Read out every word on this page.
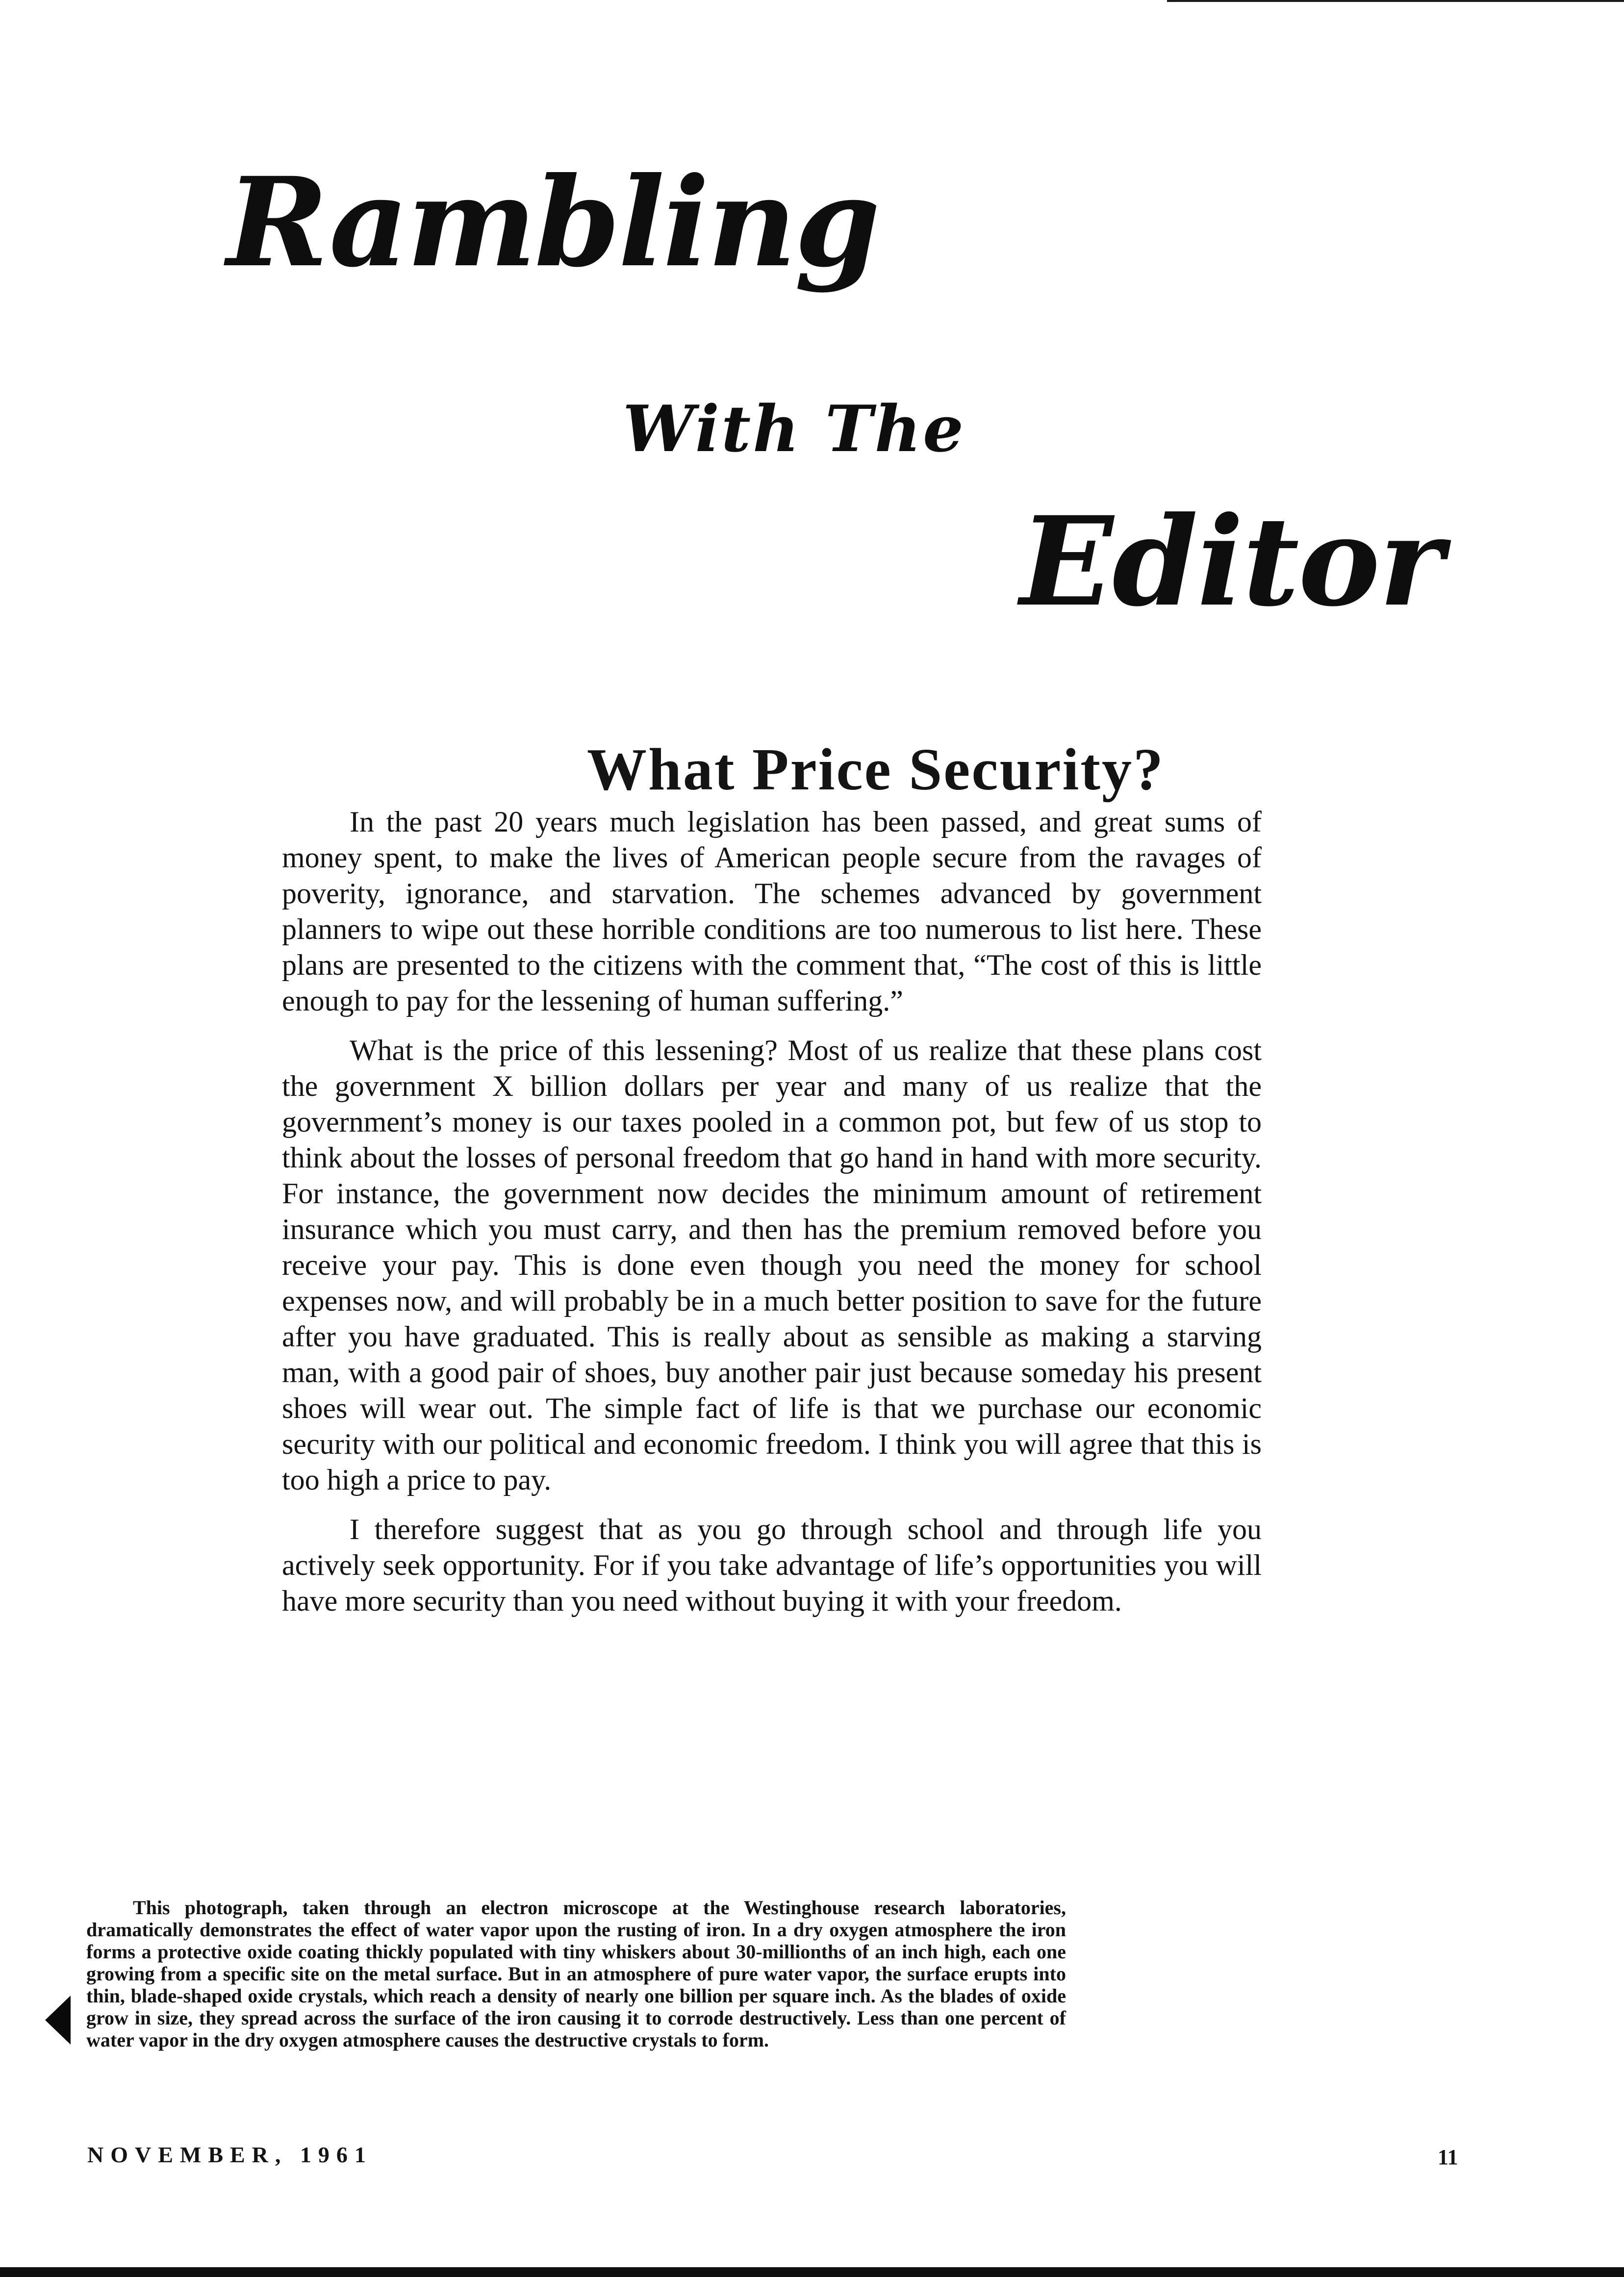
Rambling
With The
Editor
What Price Security?

In the past 20 years much legislation has been passed, and great sums of money spent, to make the lives of American people secure from the ravages of poverity, ignorance, and starvation. The schemes advanced by government planners to wipe out these horrible conditions are too numerous to list here. These plans are presented to the citizens with the comment that, “The cost of this is little enough to pay for the lessening of human suffering.”

What is the price of this lessening? Most of us realize that these plans cost the government X billion dollars per year and many of us realize that the government’s money is our taxes pooled in a common pot, but few of us stop to think about the losses of personal freedom that go hand in hand with more security. For instance, the government now decides the minimum amount of retirement insurance which you must carry, and then has the premium removed before you receive your pay. This is done even though you need the money for school expenses now, and will probably be in a much better position to save for the future after you have graduated. This is really about as sensible as making a starving man, with a good pair of shoes, buy another pair just because someday his present shoes will wear out. The simple fact of life is that we purchase our economic security with our political and economic freedom. I think you will agree that this is too high a price to pay.

I therefore suggest that as you go through school and through life you actively seek opportunity. For if you take advantage of life’s opportunities you will have more security than you need without buying it with your freedom.

This photograph, taken through an electron microscope at the Westinghouse research laboratories, dramatically demonstrates the effect of water vapor upon the rusting of iron. In a dry oxygen atmosphere the iron forms a protective oxide coating thickly populated with tiny whiskers about 30-millionths of an inch high, each one growing from a specific site on the metal surface. But in an atmosphere of pure water vapor, the surface erupts into thin, blade-shaped oxide crystals, which reach a density of nearly one billion per square inch. As the blades of oxide grow in size, they spread across the surface of the iron causing it to corrode destructively. Less than one percent of water vapor in the dry oxygen atmosphere causes the destructive crystals to form.

NOVEMBER, 1961	11
